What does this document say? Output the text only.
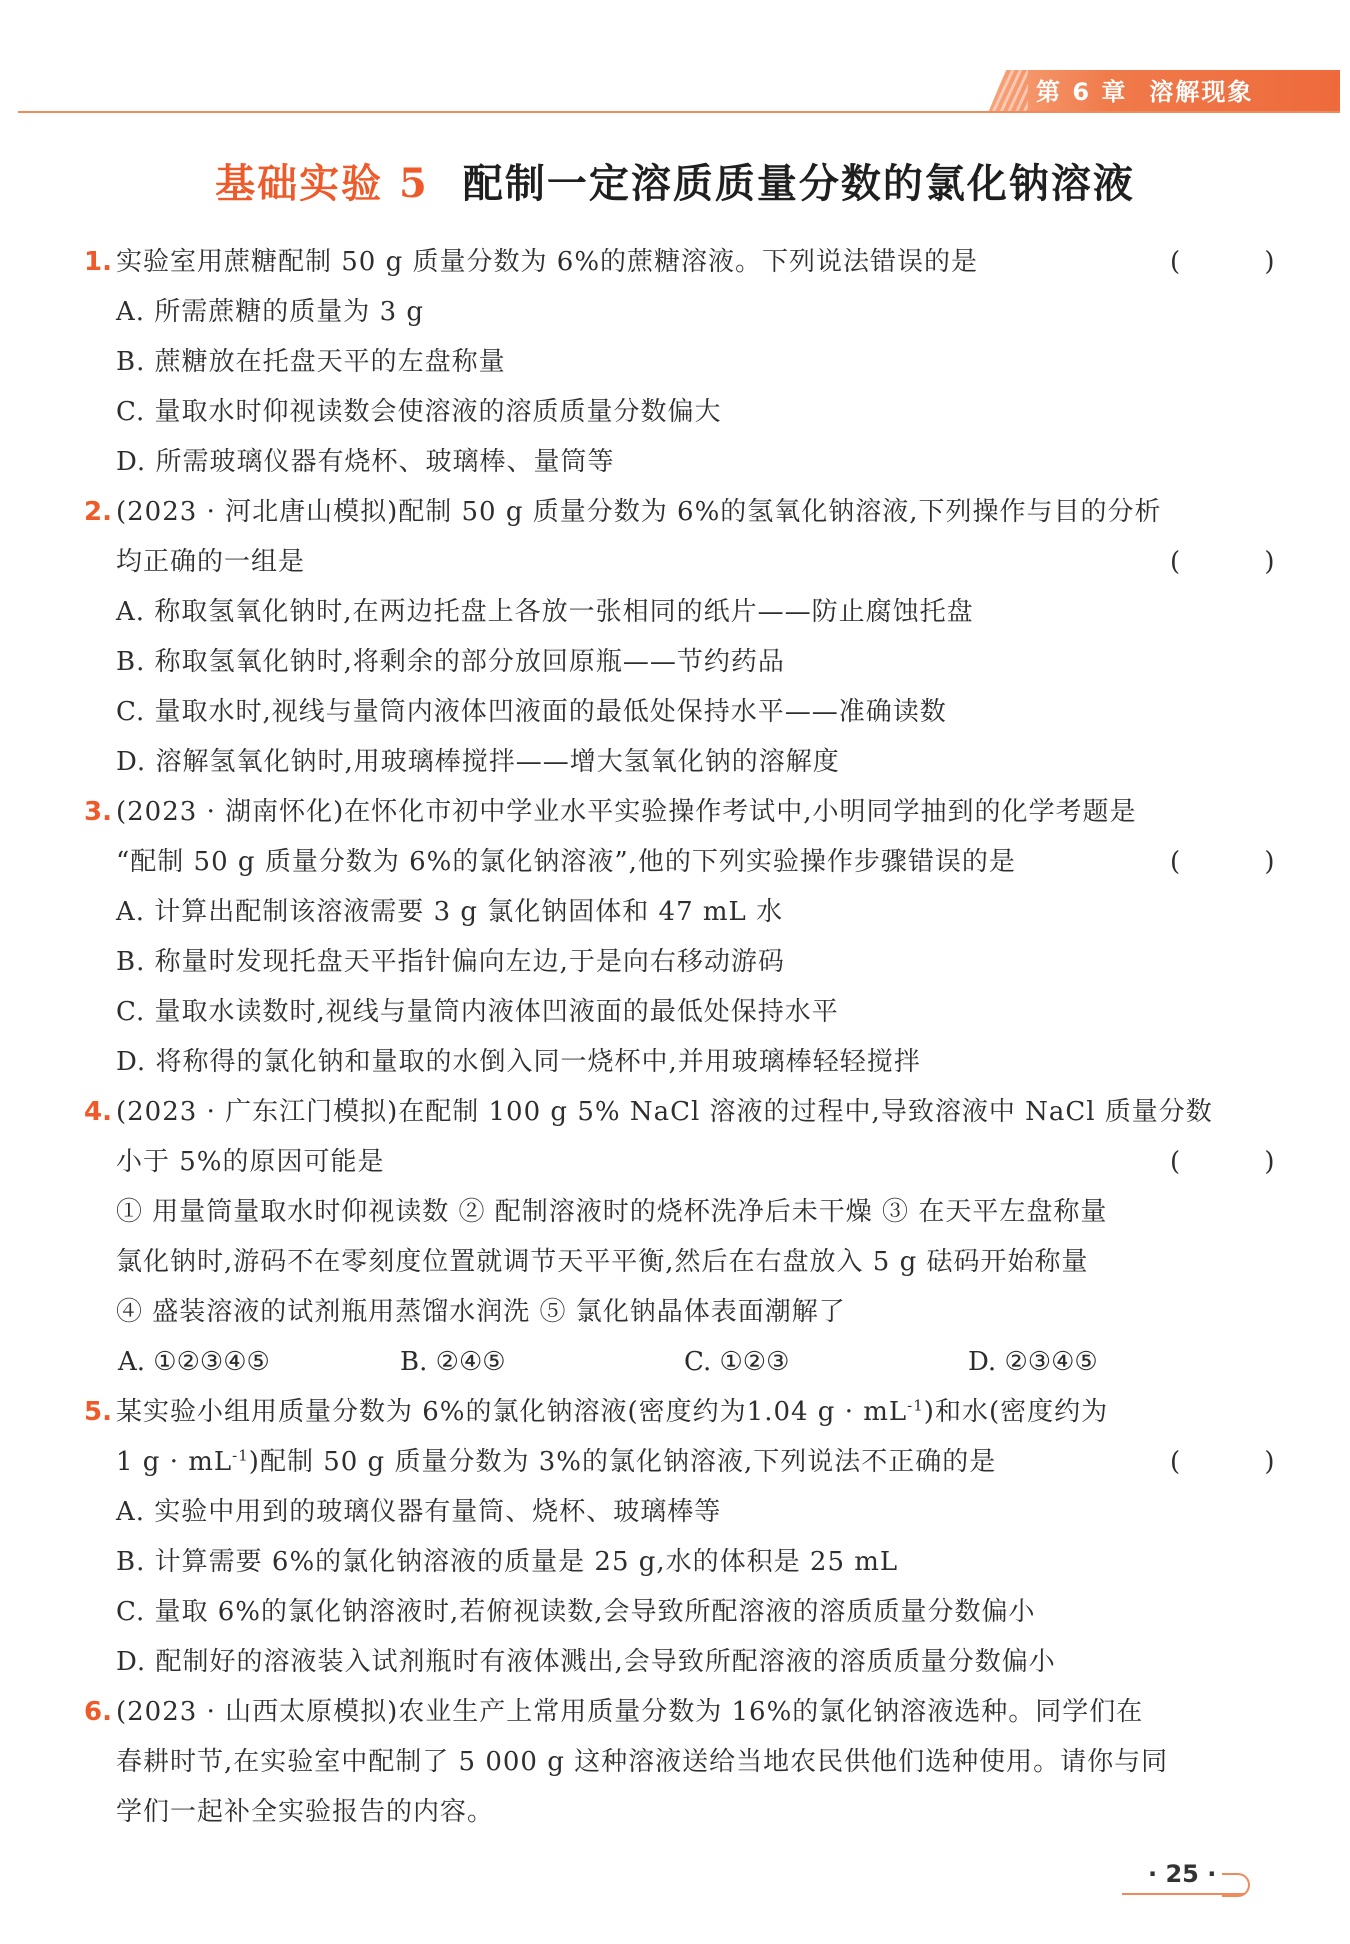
第 6 章 溶解现象
基础实验 5 配制一定溶质质量分数的氯化钠溶液
1. 实验室用蔗糖配制 50 g 质量分数为 6%的蔗糖溶液。下列说法错误的是	( )
A. 所需蔗糖的质量为 3 g
B. 蔗糖放在托盘天平的左盘称量
C. 量取水时仰视读数会使溶液的溶质质量分数偏大
D. 所需玻璃仪器有烧杯、玻璃棒、量筒等
2. (2023 · 河北唐山模拟)配制 50 g 质量分数为 6%的氢氧化钠溶液,下列操作与目的分析
均正确的一组是	( )
A. 称取氢氧化钠时,在两边托盘上各放一张相同的纸片——防止腐蚀托盘
B. 称取氢氧化钠时,将剩余的部分放回原瓶——节约药品
C. 量取水时,视线与量筒内液体凹液面的最低处保持水平——准确读数
D. 溶解氢氧化钠时,用玻璃棒搅拌——增大氢氧化钠的溶解度
3. (2023 · 湖南怀化)在怀化市初中学业水平实验操作考试中,小明同学抽到的化学考题是
“配制 50 g 质量分数为 6%的氯化钠溶液”,他的下列实验操作步骤错误的是	( )
A. 计算出配制该溶液需要 3 g 氯化钠固体和 47 mL 水
B. 称量时发现托盘天平指针偏向左边,于是向右移动游码
C. 量取水读数时,视线与量筒内液体凹液面的最低处保持水平
D. 将称得的氯化钠和量取的水倒入同一烧杯中,并用玻璃棒轻轻搅拌
4. (2023 · 广东江门模拟)在配制 100 g 5% NaCl 溶液的过程中,导致溶液中 NaCl 质量分数
小于 5%的原因可能是	( )
① 用量筒量取水时仰视读数 ② 配制溶液时的烧杯洗净后未干燥 ③ 在天平左盘称量
氯化钠时,游码不在零刻度位置就调节天平平衡,然后在右盘放入 5 g 砝码开始称量
④ 盛装溶液的试剂瓶用蒸馏水润洗 ⑤ 氯化钠晶体表面潮解了
A. ①②③④⑤	B. ②④⑤	C. ①②③	D. ②③④⑤
5. 某实验小组用质量分数为 6%的氯化钠溶液(密度约为1.04 $g \cdot mL^{-1}$)和水(密度约为
1 $g \cdot mL^{-1}$)配制 50 g 质量分数为 3%的氯化钠溶液,下列说法不正确的是	( )
A. 实验中用到的玻璃仪器有量筒、烧杯、玻璃棒等
B. 计算需要 6%的氯化钠溶液的质量是 25 g,水的体积是 25 mL
C. 量取 6%的氯化钠溶液时,若俯视读数,会导致所配溶液的溶质质量分数偏小
D. 配制好的溶液装入试剂瓶时有液体溅出,会导致所配溶液的溶质质量分数偏小
6. (2023 · 山西太原模拟)农业生产上常用质量分数为 16%的氯化钠溶液选种。同学们在
春耕时节,在实验室中配制了 5 000 g 这种溶液送给当地农民供他们选种使用。请你与同
学们一起补全实验报告的内容。
· 25 ·
